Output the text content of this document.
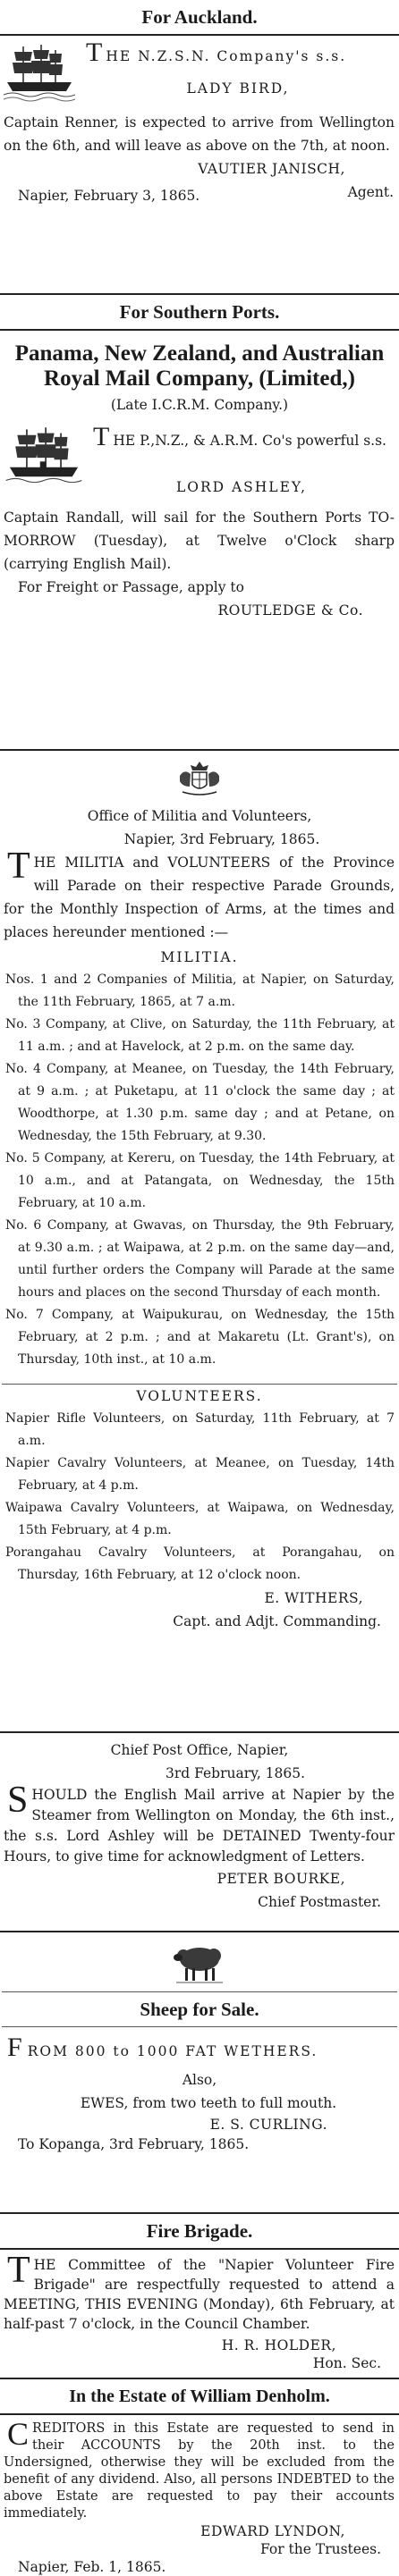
For Auckland.
THE N.Z.S.N. Company's s.s.
LADY BIRD,
Captain Renner, is expected to arrive from Wellington on the 6th, and will leave as above on the 7th, at noon.
VAUTIER JANISCH,
Agent.
Napier, February 3, 1865.
For Southern Ports.
Panama, New Zealand, and Australian Royal Mail Company, (Limited,)
(Late I.C.R.M. Company.)
THE P.,N.Z., & A.R.M. Co's powerful s.s.
LORD ASHLEY,
Captain Randall, will sail for the Southern Ports TO-MORROW (Tuesday), at Twelve o'Clock sharp (carrying English Mail).
For Freight or Passage, apply to
ROUTLEDGE & Co.
Office of Militia and Volunteers,
Napier, 3rd February, 1865.
THE MILITIA and VOLUNTEERS of the Province will Parade on their respective Parade Grounds, for the Monthly Inspection of Arms, at the times and places hereunder mentioned :—
MILITIA.
Nos. 1 and 2 Companies of Militia, at Napier, on Saturday, the 11th February, 1865, at 7 a.m.
No. 3 Company, at Clive, on Saturday, the 11th February, at 11 a.m. ; and at Havelock, at 2 p.m. on the same day.
No. 4 Company, at Meanee, on Tuesday, the 14th February, at 9 a.m. ; at Puketapu, at 11 o'clock the same day ; at Woodthorpe, at 1.30 p.m. same day ; and at Petane, on Wednesday, the 15th February, at 9.30.
No. 5 Company, at Kereru, on Tuesday, the 14th February, at 10 a.m., and at Patangata, on Wednesday, the 15th February, at 10 a.m.
No. 6 Company, at Gwavas, on Thursday, the 9th February, at 9.30 a.m. ; at Waipawa, at 2 p.m. on the same day—and, until further orders the Company will Parade at the same hours and places on the second Thursday of each month.
No. 7 Company, at Waipukurau, on Wednesday, the 15th February, at 2 p.m. ; and at Makaretu (Lt. Grant's), on Thursday, 10th inst., at 10 a.m.
VOLUNTEERS.
Napier Rifle Volunteers, on Saturday, 11th February, at 7 a.m.
Napier Cavalry Volunteers, at Meanee, on Tuesday, 14th February, at 4 p.m.
Waipawa Cavalry Volunteers, at Waipawa, on Wednesday, 15th February, at 4 p.m.
Porangahau Cavalry Volunteers, at Porangahau, on Thursday, 16th February, at 12 o'clock noon.
E. WITHERS,
Capt. and Adjt. Commanding.
Chief Post Office, Napier,
3rd February, 1865.
SHOULD the English Mail arrive at Napier by the Steamer from Wellington on Monday, the 6th inst., the s.s. Lord Ashley will be DETAINED Twenty-four Hours, to give time for acknowledgment of Letters.
PETER BOURKE,
Chief Postmaster.
Sheep for Sale.
FROM 800 to 1000 FAT WETHERS.
Also,
EWES, from two teeth to full mouth.
E. S. CURLING.
To Kopanga, 3rd February, 1865.
Fire Brigade.
THE Committee of the "Napier Volunteer Fire Brigade" are respectfully requested to attend a MEETING, THIS EVENING (Monday), 6th February, at half-past 7 o'clock, in the Council Chamber.
H. R. HOLDER,
Hon. Sec.
In the Estate of William Denholm.
CREDITORS in this Estate are requested to send in their ACCOUNTS by the 20th inst. to the Undersigned, otherwise they will be excluded from the benefit of any dividend. Also, all persons INDEBTED to the above Estate are requested to pay their accounts immediately.
EDWARD LYNDON,
For the Trustees.
Napier, Feb. 1, 1865.
